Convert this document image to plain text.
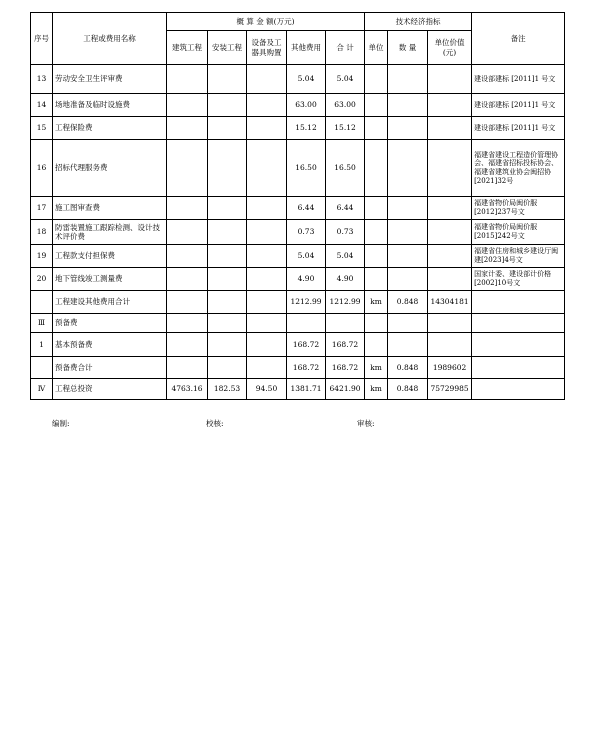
序号	工程或费用名称	概 算 金 额(万元)					技术经济指标			备注
		建筑工程	安装工程	设备及工器具购置	其他费用	合 计	单位	数 量	单位价值(元)	
13	劳动安全卫生评审费				5.04	5.04				建设部建标 [2011]1 号文
14	场地准备及临时设施费				63.00	63.00				建设部建标 [2011]1 号文
15	工程保险费				15.12	15.12				建设部建标 [2011]1 号文
16	招标代理服务费				16.50	16.50				福建省建设工程造价管理协会、福建省招标投标协会、福建省建筑业协会闽招协[2021]32号
17	施工图审查费				6.44	6.44				福建省物价局闽价服[2012]237号文
18	防雷装置施工跟踪检测、设计技术评价费				0.73	0.73				福建省物价局闽价服[2015]242号文
19	工程款支付担保费				5.04	5.04				福建省住房和城乡建设厅闽建[2023]4号文
20	地下管线竣工测量费				4.90	4.90				国家计委、建设部计价格[2002]10号文
	工程建设其他费用合计				1212.99	1212.99	km	0.848	14304181	
Ⅲ	预备费									
1	基本预备费				168.72	168.72				
	预备费合计				168.72	168.72	km	0.848	1989602	
Ⅳ	工程总投资	4763.16	182.53	94.50	1381.71	6421.90	km	0.848	75729985	
编制:	校核:	审核:
